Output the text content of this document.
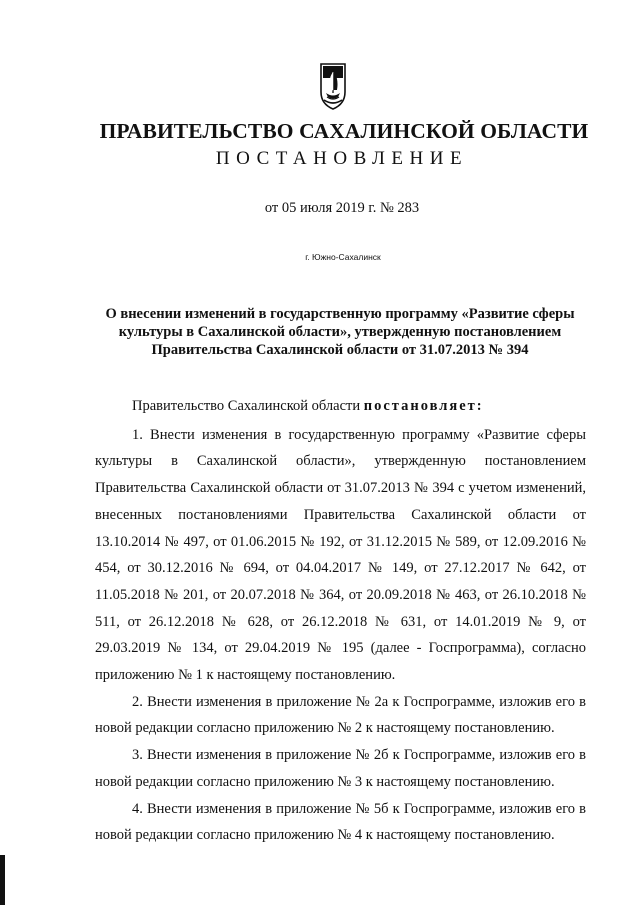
ПРАВИТЕЛЬСТВО САХАЛИНСКОЙ ОБЛАСТИ
ПОСТАНОВЛЕНИЕ
от 05 июля 2019 г. № 283
г. Южно-Сахалинск
О внесении изменений в государственную программу «Развитие сферы культуры в Сахалинской области», утвержденную постановлением Правительства Сахалинской области от 31.07.2013 № 394

Правительство Сахалинской области постановляет:

1. Внести изменения в государственную программу «Развитие сферы культуры в Сахалинской области», утвержденную постановлением Правительства Сахалинской области от 31.07.2013 № 394 с учетом изменений, внесенных постановлениями Правительства Сахалинской области от 13.10.2014 № 497, от 01.06.2015 № 192, от 31.12.2015 № 589, от 12.09.2016 № 454, от 30.12.2016 № 694, от 04.04.2017 № 149, от 27.12.2017 № 642, от 11.05.2018 № 201, от 20.07.2018 № 364, от 20.09.2018 № 463, от 26.10.2018 № 511, от 26.12.2018 № 628, от 26.12.2018 № 631, от 14.01.2019 № 9, от 29.03.2019 № 134, от 29.04.2019 № 195 (далее - Госпрограмма), согласно приложению № 1 к настоящему постановлению.

2. Внести изменения в приложение № 2а к Госпрограмме, изложив его в новой редакции согласно приложению № 2 к настоящему постановлению.

3. Внести изменения в приложение № 2б к Госпрограмме, изложив его в новой редакции согласно приложению № 3 к настоящему постановлению.

4. Внести изменения в приложение № 5б к Госпрограмме, изложив его в новой редакции согласно приложению № 4 к настоящему постановлению.
